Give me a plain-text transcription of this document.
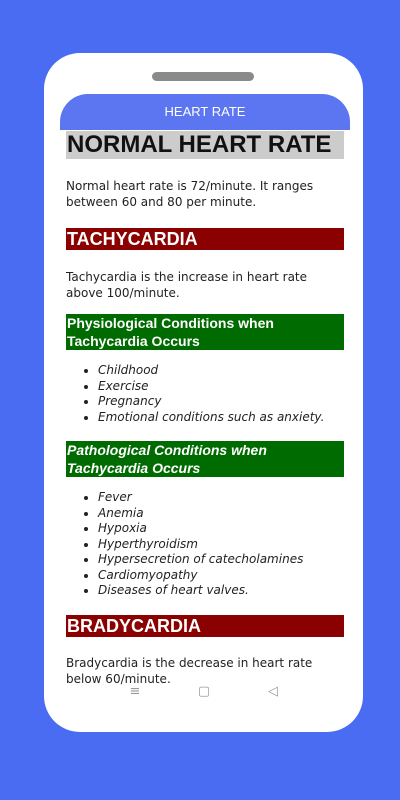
HEART RATE
NORMAL HEART RATE

Normal heart rate is 72/minute. It ranges between 60 and 80 per minute.

TACHYCARDIA

Tachycardia is the increase in heart rate above 100/minute.

Physiological Conditions when Tachycardia Occurs
• Childhood
• Exercise
• Pregnancy
• Emotional conditions such as anxiety.
Pathological Conditions when Tachycardia Occurs
• Fever
• Anemia
• Hypoxia
• Hyperthyroidism
• Hypersecretion of catecholamines
• Cardiomyopathy
• Diseases of heart valves.
BRADYCARDIA

Bradycardia is the decrease in heart rate below 60/minute.

≡	▢	◁
